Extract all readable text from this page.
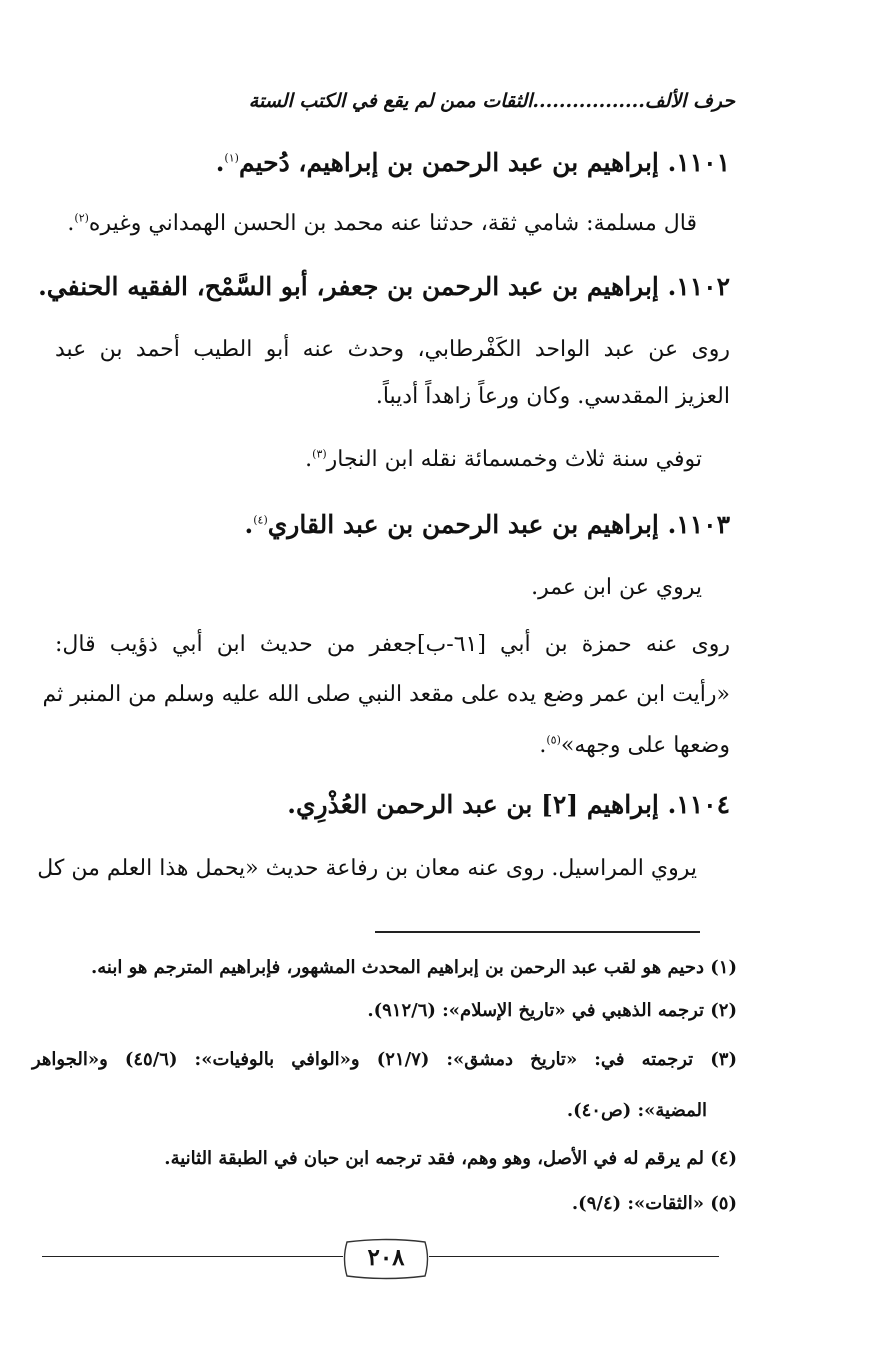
حرف الألف.................الثقات ممن لم يقع في الكتب الستة
١١٠١. إبراهيم بن عبد الرحمن بن إبراهيم، دُحيم$^{(١)}$.
قال مسلمة: شامي ثقة، حدثنا عنه محمد بن الحسن الهمداني وغيره$^{(٢)}$.
١١٠٢. إبراهيم بن عبد الرحمن بن جعفر، أبو السَّمْح، الفقيه الحنفي.
روى عن عبد الواحد الكَفْرطابي، وحدث عنه أبو الطيب أحمد بن عبد
العزيز المقدسي. وكان ورعاً زاهداً أديباً.
توفي سنة ثلاث وخمسمائة نقله ابن النجار$^{(٣)}$.
١١٠٣. إبراهيم بن عبد الرحمن بن عبد القاري$^{(٤)}$.
يروي عن ابن عمر.
روى عنه حمزة بن أبي [٦١-ب]جعفر من حديث ابن أبي ذؤيب قال:
«رأيت ابن عمر وضع يده على مقعد النبي صلى الله عليه وسلم من المنبر ثم
وضعها على وجهه»$^{(٥)}$.
١١٠٤. إبراهيم [٢] بن عبد الرحمن العُذْرِي.
يروي المراسيل. روى عنه معان بن رفاعة حديث «يحمل هذا العلم من كل
(١) دحيم هو لقب عبد الرحمن بن إبراهيم المحدث المشهور، فإبراهيم المترجم هو ابنه.
(٢) ترجمه الذهبي في «تاريخ الإسلام»: (٩١٢/٦).
(٣) ترجمته في: «تاريخ دمشق»: (٢١/٧) و«الوافي بالوفيات»: (٤٥/٦) و«الجواهر
المضية»: (ص٤٠).
(٤) لم يرقم له في الأصل، وهو وهم، فقد ترجمه ابن حبان في الطبقة الثانية.
(٥) «الثقات»: (٩/٤).
٢٠٨
